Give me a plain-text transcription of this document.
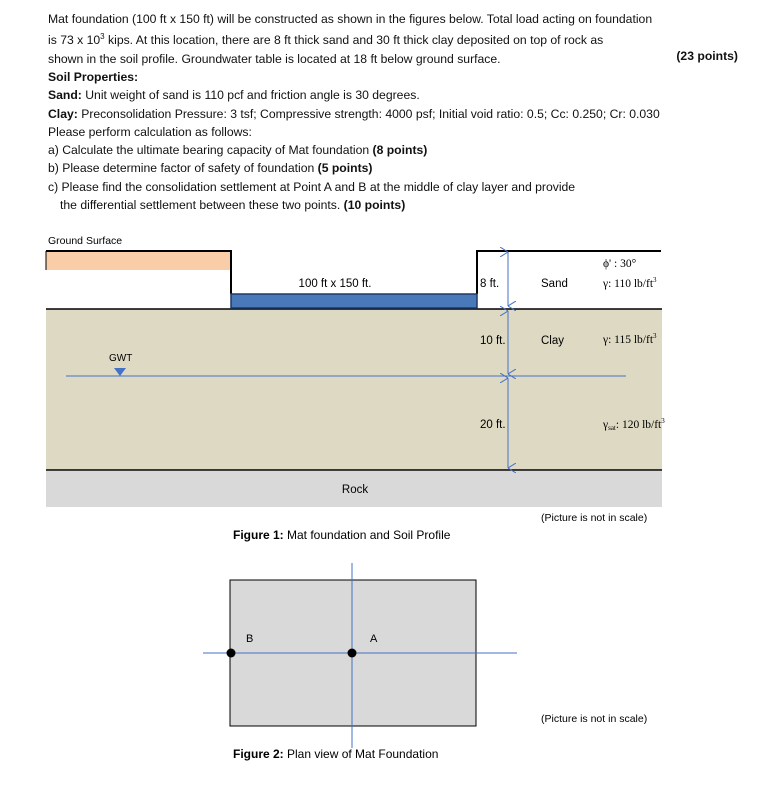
Mat foundation (100 ft x 150 ft) will be constructed as shown in the figures below. Total load acting on foundation

is 73 x $10^3$ kips. At this location, there are 8 ft thick sand and 30 ft thick clay deposited on top of rock as

shown in the soil profile. Groundwater table is located at 18 ft below ground surface.	(23 points)

Soil Properties:

Sand: Unit weight of sand is 110 pcf and friction angle is 30 degrees.

Clay: Preconsolidation Pressure: 3 tsf; Compressive strength: 4000 psf; Initial void ratio: 0.5; Cc: 0.250; Cr: 0.030

Please perform calculation as follows:

a) Calculate the ultimate bearing capacity of Mat foundation (8 points)

b) Please determine factor of safety of foundation (5 points)

c) Please find the consolidation settlement at Point A and B at the middle of clay layer and provide

the differential settlement between these two points. (10 points)

Ground Surface
Rock
100 ft x 150 ft.
GWT
8 ft.
10 ft.
20 ft.
Sand
Clay
ϕ' : 30°
γ: 110 $lb/ft^3$
γ: 115 $lb/ft^3$
γsat: 120 $lb/ft^3$
(Picture is not in scale)
Figure 1: Mat foundation and Soil Profile
B	A
(Picture is not in scale)
Figure 2: Plan view of Mat Foundation
